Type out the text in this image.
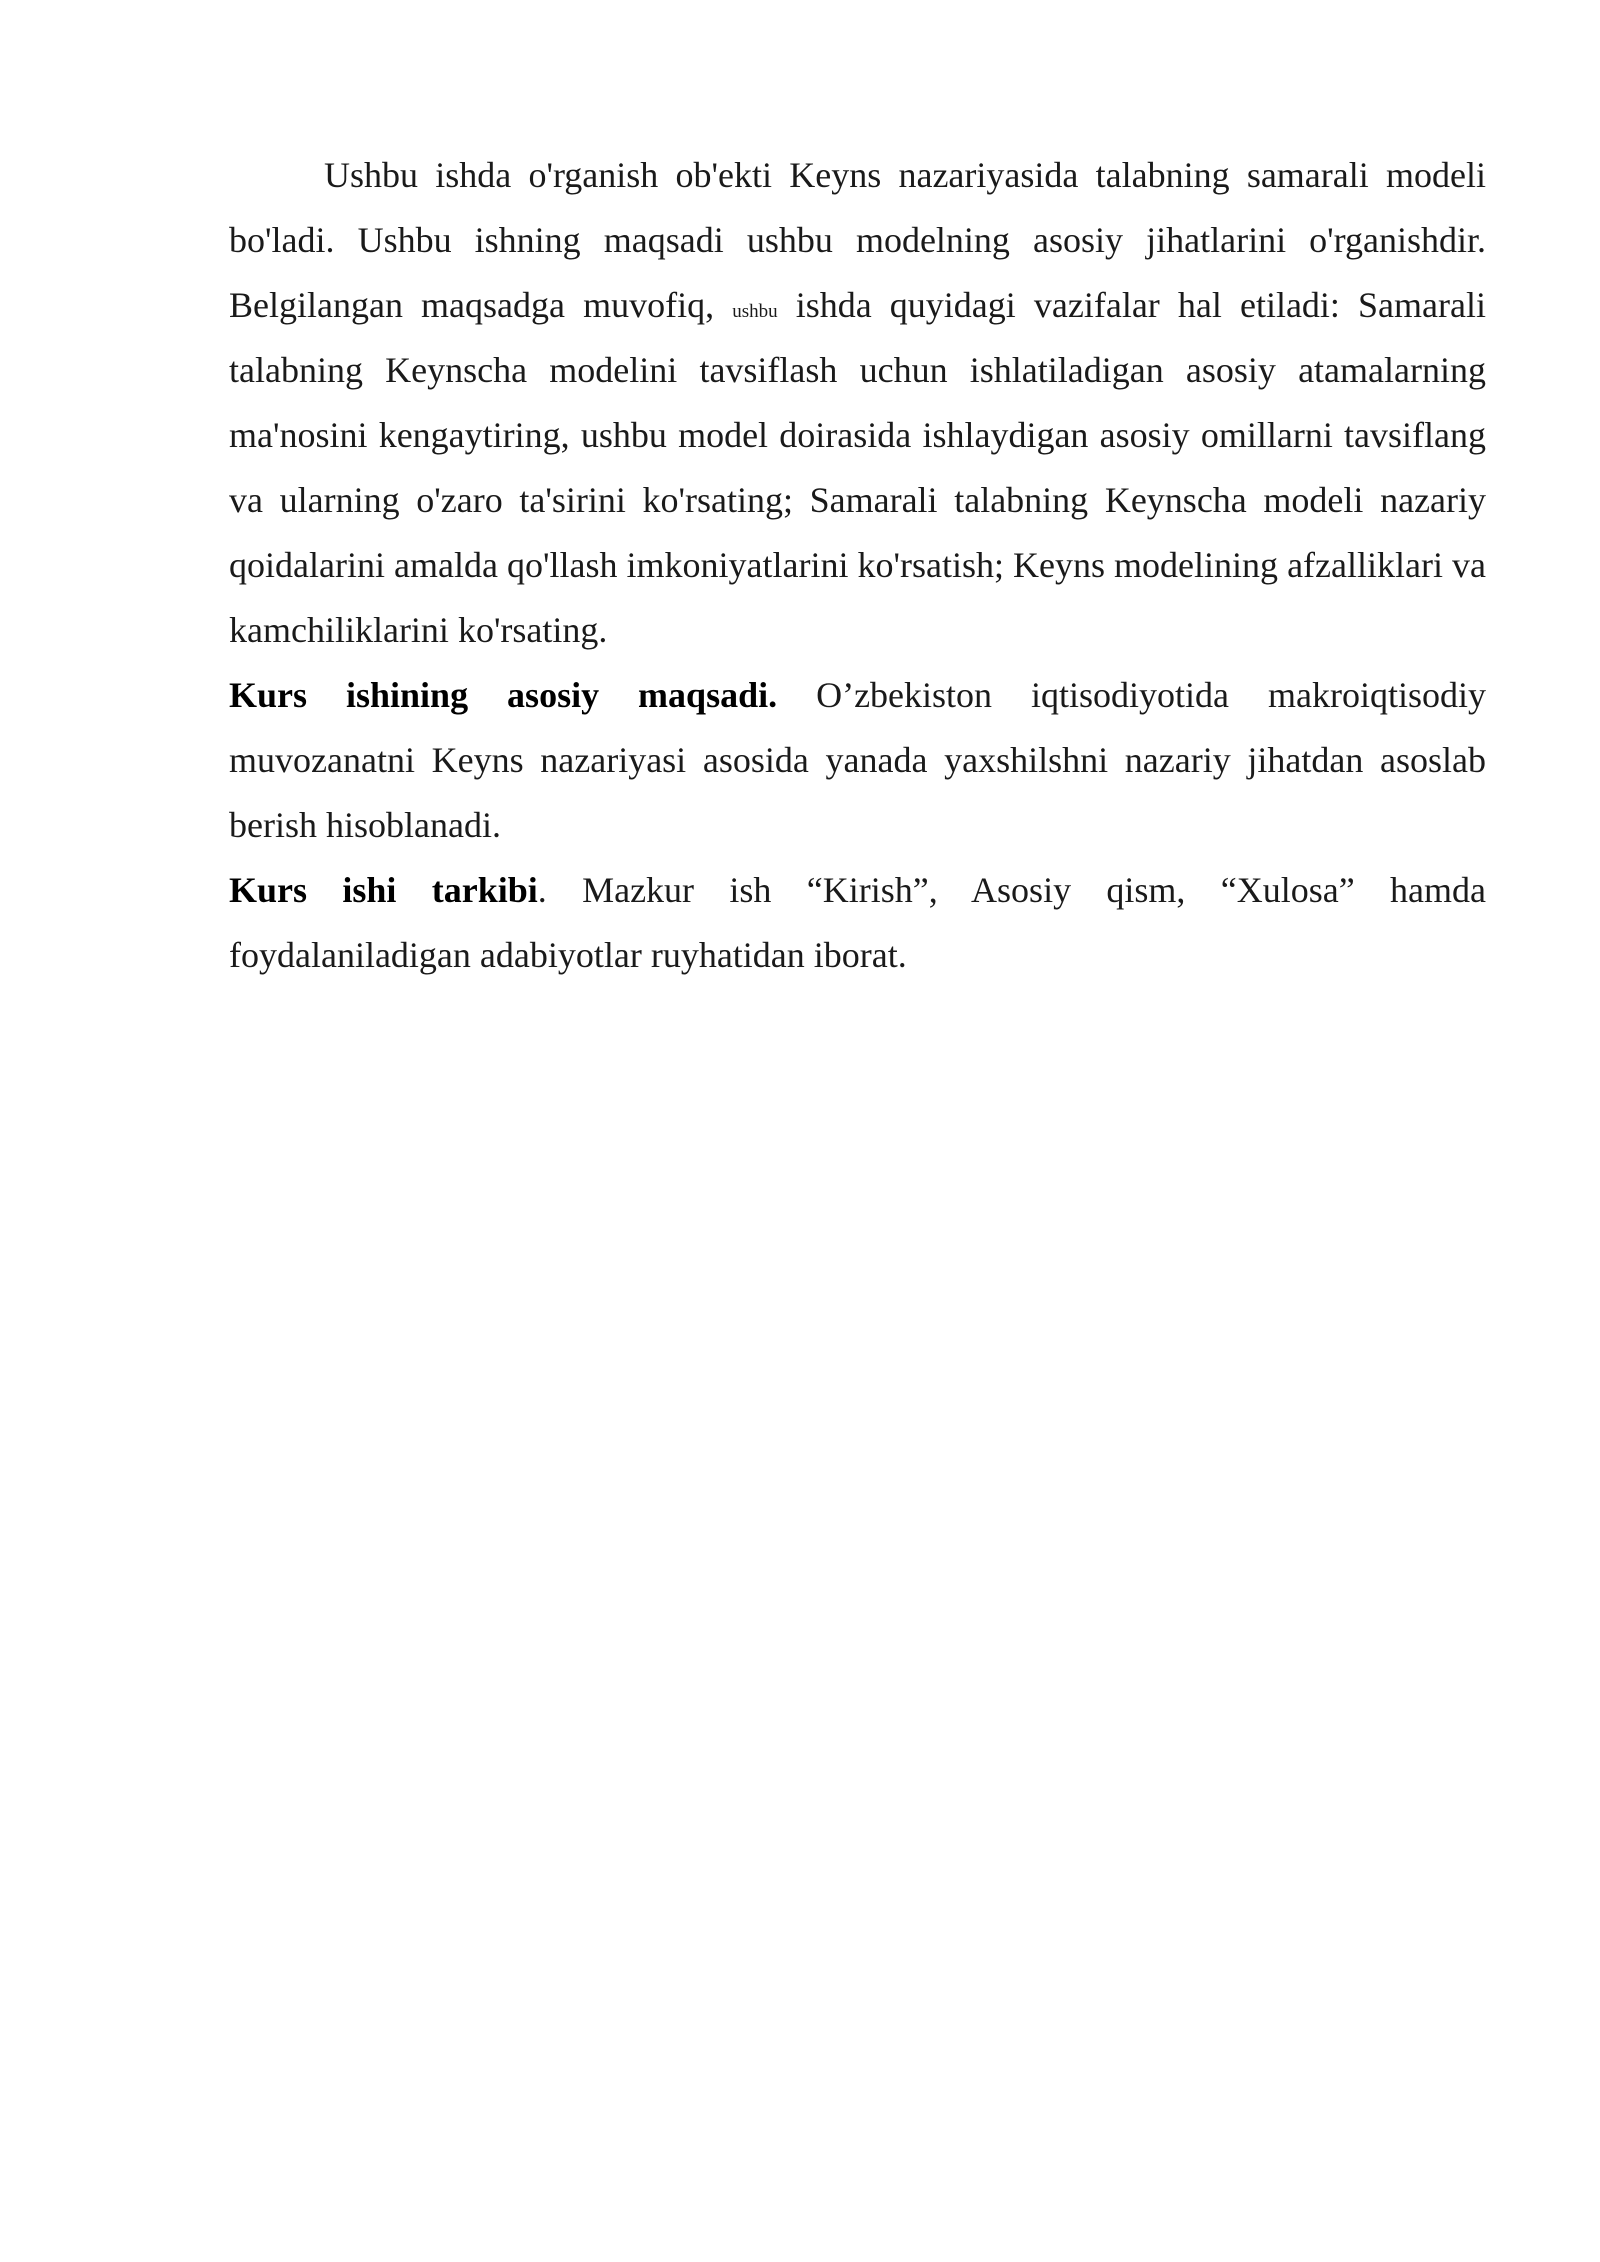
Ushbu ishda o'rganish ob'ekti Keyns nazariyasida talabning samarali modeli bo'ladi. Ushbu ishning maqsadi ushbu modelning asosiy jihatlarini o'rganishdir. Belgilangan maqsadga muvofiq, ushbu ishda quyidagi vazifalar hal etiladi: Samarali talabning Keynscha modelini tavsiflash uchun ishlatiladigan asosiy atamalarning ma'nosini kengaytiring, ushbu model doirasida ishlaydigan asosiy omillarni tavsiflang va ularning o'zaro ta'sirini ko'rsating; Samarali talabning Keynscha modeli nazariy qoidalarini amalda qo'llash imkoniyatlarini ko'rsatish; Keyns modelining afzalliklari va kamchiliklarini ko'rsating.

Kurs ishining asosiy maqsadi. O’zbekiston iqtisodiyotida makroiqtisodiy muvozanatni Keyns nazariyasi asosida yanada yaxshilshni nazariy jihatdan asoslab berish hisoblanadi.

Kurs ishi tarkibi. Mazkur ish “Kirish”, Asosiy qism, “Xulosa” hamda foydalaniladigan adabiyotlar ruyhatidan iborat.
